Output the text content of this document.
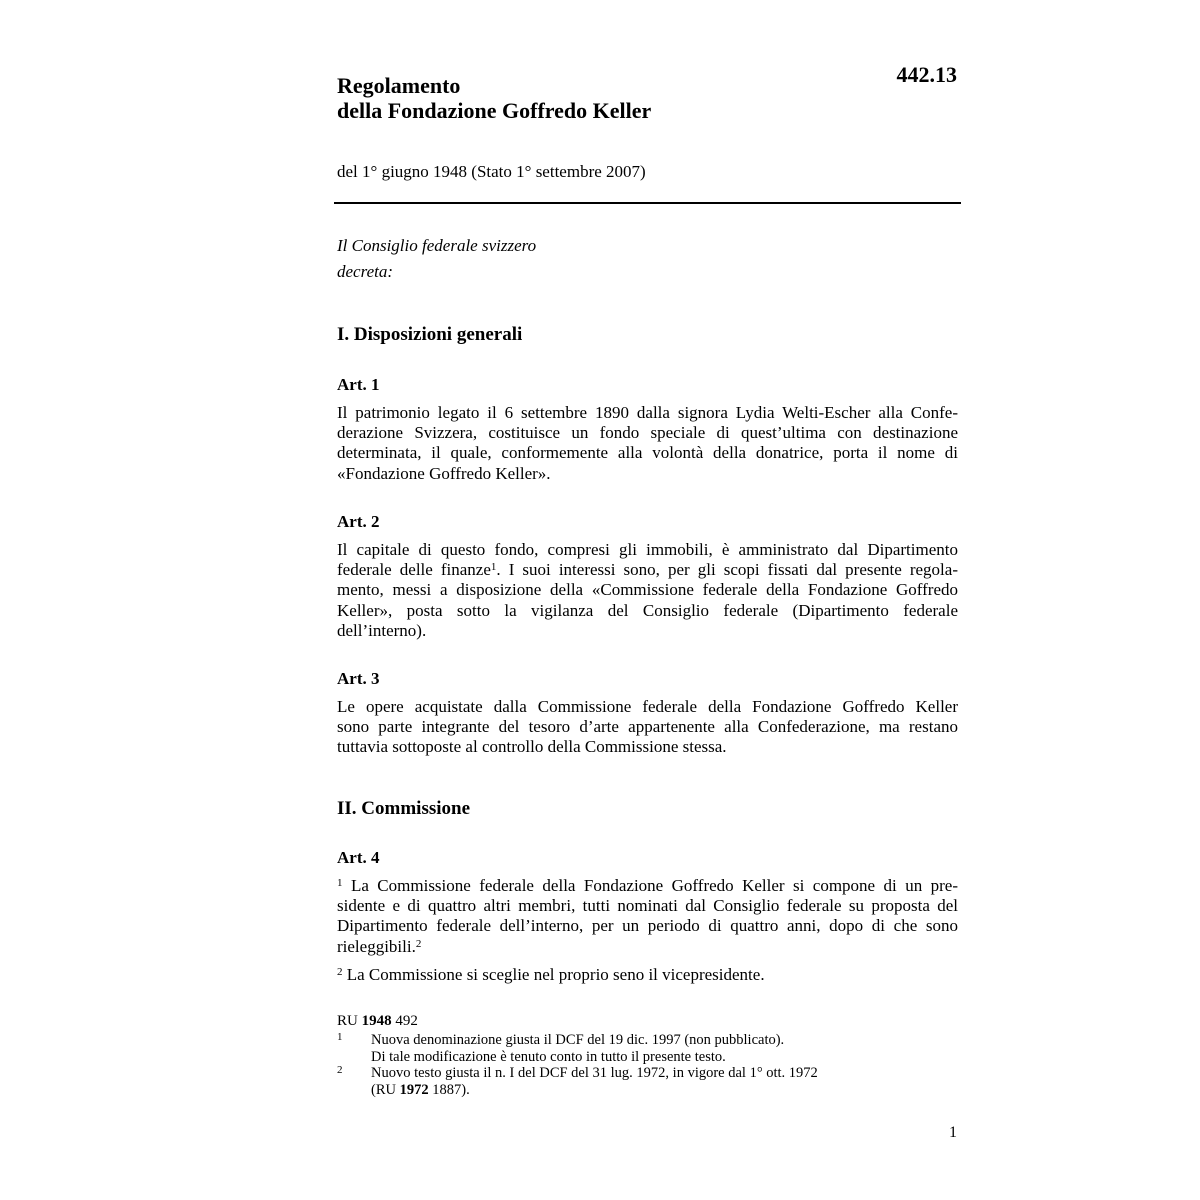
442.13
Regolamento
della Fondazione Goffredo Keller
del 1° giugno 1948 (Stato 1° settembre 2007)
Il Consiglio federale svizzero
decreta:
I. Disposizioni generali
Art. 1
Il patrimonio legato il 6 settembre 1890 dalla signora Lydia Welti-Escher alla Confe-
derazione Svizzera, costituisce un fondo speciale di quest’ultima con destinazione
determinata, il quale, conformemente alla volontà della donatrice, porta il nome di
«Fondazione Goffredo Keller».
Art. 2
Il capitale di questo fondo, compresi gli immobili, è amministrato dal Dipartimento
federale delle finanze$^1$. I suoi interessi sono, per gli scopi fissati dal presente regola-
mento, messi a disposizione della «Commissione federale della Fondazione Goffredo
Keller», posta sotto la vigilanza del Consiglio federale (Dipartimento federale
dell’interno).
Art. 3
Le opere acquistate dalla Commissione federale della Fondazione Goffredo Keller
sono parte integrante del tesoro d’arte appartenente alla Confederazione, ma restano
tuttavia sottoposte al controllo della Commissione stessa.
II. Commissione
Art. 4
$^1$ La Commissione federale della Fondazione Goffredo Keller si compone di un pre-
sidente e di quattro altri membri, tutti nominati dal Consiglio federale su proposta del
Dipartimento federale dell’interno, per un periodo di quattro anni, dopo di che sono
rieleggibili.$^2$
$^2$ La Commissione si sceglie nel proprio seno il vicepresidente.
RU 1948 492
1 Nuova denominazione giusta il DCF del 19 dic. 1997 (non pubblicato).
Di tale modificazione è tenuto conto in tutto il presente testo.
2 Nuovo testo giusta il n. I del DCF del 31 lug. 1972, in vigore dal 1° ott. 1972
(RU 1972 1887).
1
